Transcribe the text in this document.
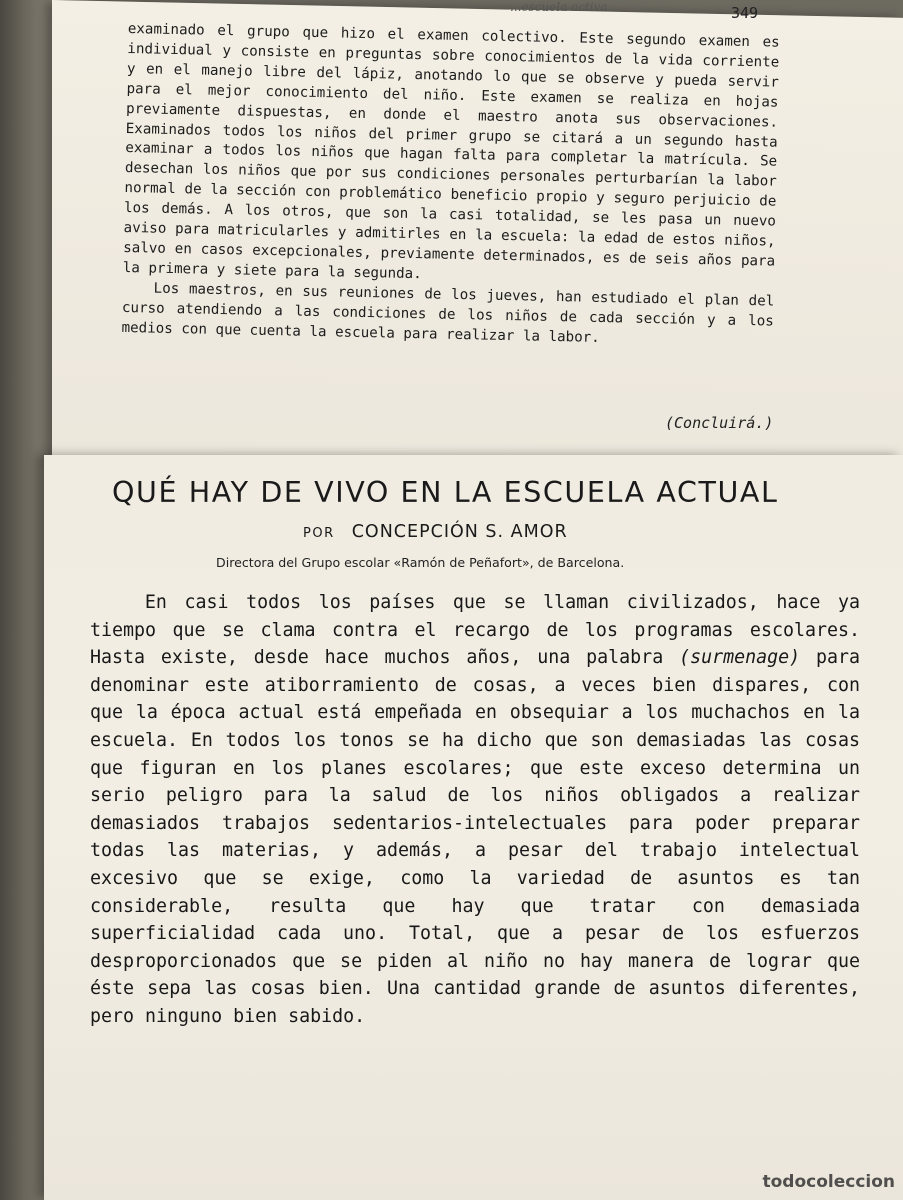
...escuela activa	349

examinado el grupo que hizo el examen colectivo. Este segundo examen es individual y consiste en preguntas sobre conocimientos de la vida corriente y en el manejo libre del lápiz, anotando lo que se observe y pueda servir para el mejor conocimiento del niño. Este examen se realiza en hojas previamente dispuestas, en donde el maestro anota sus observaciones. Examinados todos los niños del primer grupo se citará a un segundo hasta examinar a todos los niños que hagan falta para completar la matrícula. Se desechan los niños que por sus condiciones personales perturbarían la labor normal de la sección con problemático beneficio propio y seguro perjuicio de los demás. A los otros, que son la casi totalidad, se les pasa un nuevo aviso para matricularles y admitirles en la escuela: la edad de estos niños, salvo en casos excepcionales, previamente determinados, es de seis años para la primera y siete para la segunda.

Los maestros, en sus reuniones de los jueves, han estudiado el plan del curso atendiendo a las condiciones de los niños de cada sección y a los medios con que cuenta la escuela para realizar la labor.

(Concluirá.)
QUÉ HAY DE VIVO EN LA ESCUELA ACTUAL
POR CONCEPCIÓN S. AMOR
Directora del Grupo escolar «Ramón de Peñafort», de Barcelona.

En casi todos los países que se llaman civilizados, hace ya tiempo que se clama contra el recargo de los programas escolares. Hasta existe, desde hace muchos años, una palabra (surmenage) para denominar este atiborramiento de cosas, a veces bien dispares, con que la época actual está empeñada en obsequiar a los muchachos en la escuela. En todos los tonos se ha dicho que son demasiadas las cosas que figuran en los planes escolares; que este exceso determina un serio peligro para la salud de los niños obligados a realizar demasiados trabajos sedentarios-intelectuales para poder preparar todas las materias, y además, a pesar del trabajo intelectual excesivo que se exige, como la variedad de asuntos es tan considerable, resulta que hay que tratar con demasiada superficialidad cada uno. Total, que a pesar de los esfuerzos desproporcionados que se piden al niño no hay manera de lograr que éste sepa las cosas bien. Una cantidad grande de asuntos diferentes, pero ninguno bien sabido.

todocoleccion
